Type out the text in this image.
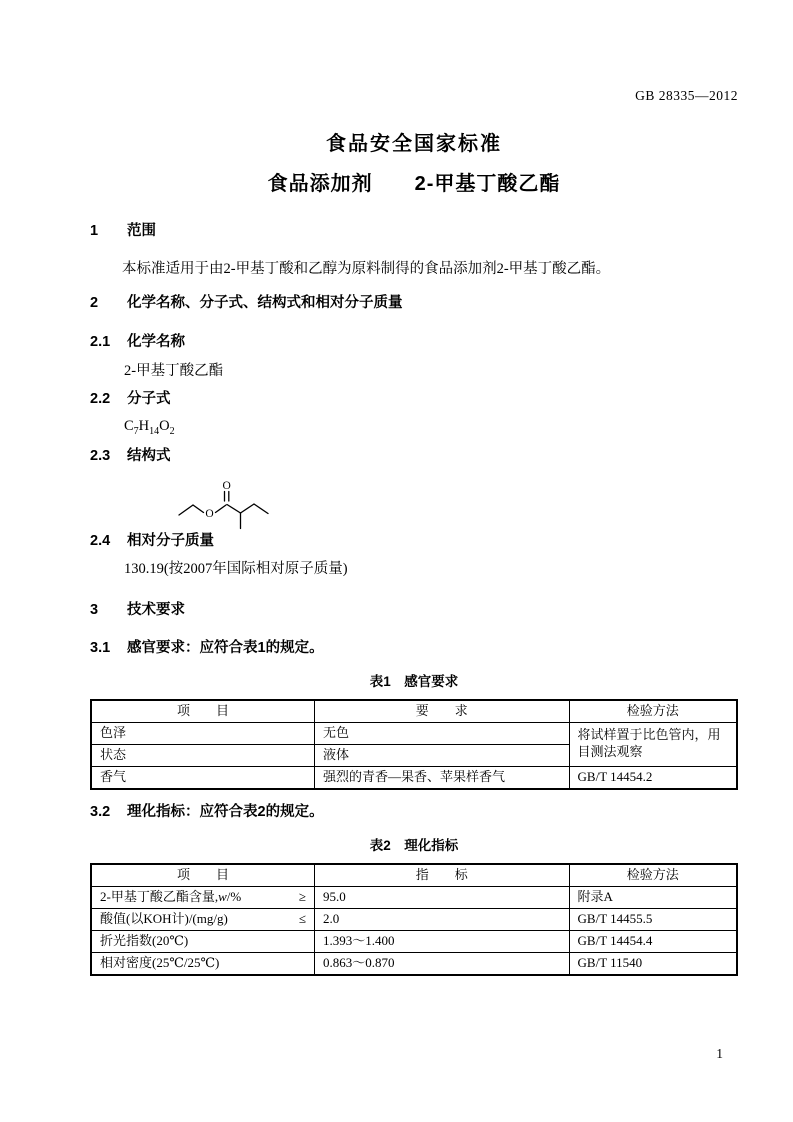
GB 28335—2012
食品安全国家标准
食品添加剂　　2-甲基丁酸乙酯
1 范围

本标准适用于由2-甲基丁酸和乙醇为原料制得的食品添加剂2-甲基丁酸乙酯。

2 化学名称、分子式、结构式和相对分子质量
2.1 化学名称
2-甲基丁酸乙酯
2.2 分子式
$C_7H_{14}O_2$
2.3 结构式
O
O
2.4 相对分子质量
130.19(按2007年国际相对原子质量)
3 技术要求
3.1 感官要求：应符合表1的规定。
表1　感官要求
项　　目	要　　求	检验方法
色泽	无色	将试样置于比色管内，用目测法观察
状态	液体	
香气	强烈的青香—果香、苹果样香气	GB/T 14454.2
3.2 理化指标：应符合表2的规定。
表2　理化指标
项　　目	指　　标	检验方法

2-甲基丁酸乙酯含量,w/% ≥	95.0	附录A

酸值(以KOH计)/(mg/g) ≤	2.0	GB/T 14455.5

折光指数(20℃)	1.393～1.400	GB/T 14454.4

相对密度(25℃/25℃)	0.863～0.870	GB/T 11540
1
